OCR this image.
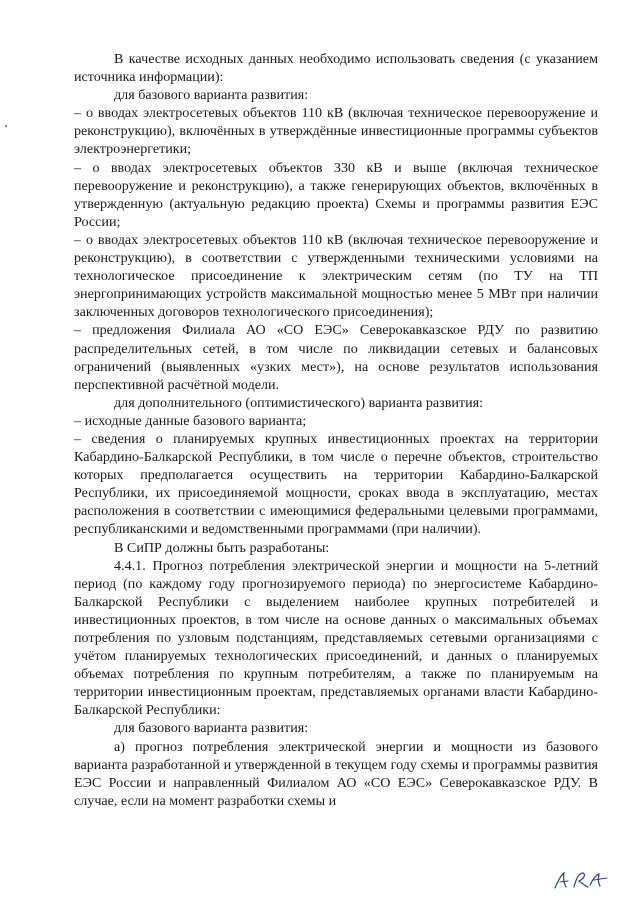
В качестве исходных данных необходимо использовать сведения (с указанием источника информации):

для базового варианта развития:

– о вводах электросетевых объектов 110 кВ (включая техническое перевооружение и реконструкцию), включённых в утверждённые инвестиционные программы субъектов электроэнергетики;

– о вводах электросетевых объектов 330 кВ и выше (включая техническое перевооружение и реконструкцию), а также генерирующих объектов, включённых в утвержденную (актуальную редакцию проекта) Схемы и программы развития ЕЭС России;

– о вводах электросетевых объектов 110 кВ (включая техническое перевооружение и реконструкцию), в соответствии с утвержденными техническими условиями на технологическое присоединение к электрическим сетям (по ТУ на ТП энергопринимающих устройств максимальной мощностью менее 5 МВт при наличии заключенных договоров технологического присоединения);

– предложения Филиала АО «СО ЕЭС» Северокавказское РДУ по развитию распределительных сетей, в том числе по ликвидации сетевых и балансовых ограничений (выявленных «узких мест»), на основе результатов использования перспективной расчётной модели.

для дополнительного (оптимистического) варианта развития:

– исходные данные базового варианта;

– сведения о планируемых крупных инвестиционных проектах на территории Кабардино-Балкарской Республики, в том числе о перечне объектов, строительство которых предполагается осуществить на территории Кабардино-Балкарской Республики, их присоединяемой мощности, сроках ввода в эксплуатацию, местах расположения в соответствии с имеющимися федеральными целевыми программами, республиканскими и ведомственными программами (при наличии).

В СиПР должны быть разработаны:

4.4.1. Прогноз потребления электрической энергии и мощности на 5-летний период (по каждому году прогнозируемого периода) по энергосистеме Кабардино-Балкарской Республики с выделением наиболее крупных потребителей и инвестиционных проектов, в том числе на основе данных о максимальных объемах потребления по узловым подстанциям, представляемых сетевыми организациями с учётом планируемых технологических присоединений, и данных о планируемых объемах потребления по крупным потребителям, а также по планируемым на территории инвестиционным проектам, представляемых органами власти Кабардино-Балкарской Республики:

для базового варианта развития:

а) прогноз потребления электрической энергии и мощности из базового варианта разработанной и утвержденной в текущем году схемы и программы развития ЕЭС России и направленный Филиалом АО «СО ЕЭС» Северокавказское РДУ. В случае, если на момент разработки схемы и
